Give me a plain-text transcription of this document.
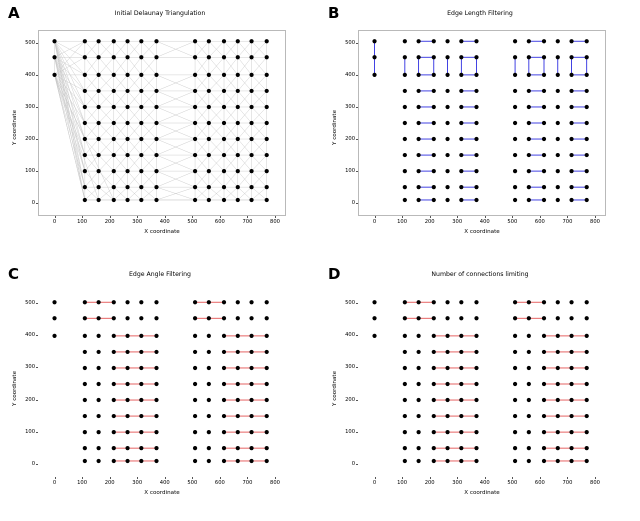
A	Initial Delaunay Triangulation
0	100	200	300	400	500	600	700	800
0
100
200
300
400
500
X coordinate
Y coordinate
B	Edge Length Filtering
0	100	200	300	400	500	600	700	800
0
100
200
300
400
500
X coordinate
Y coordinate
C	Edge Angle Filtering
0	100	200	300	400	500	600	700	800
0
100
200
300
400
500
X coordinate
Y coordinate
D	Number of connections limiting
0	100	200	300	400	500	600	700	800
0
100
200
300
400
500
X coordinate
Y coordinate
